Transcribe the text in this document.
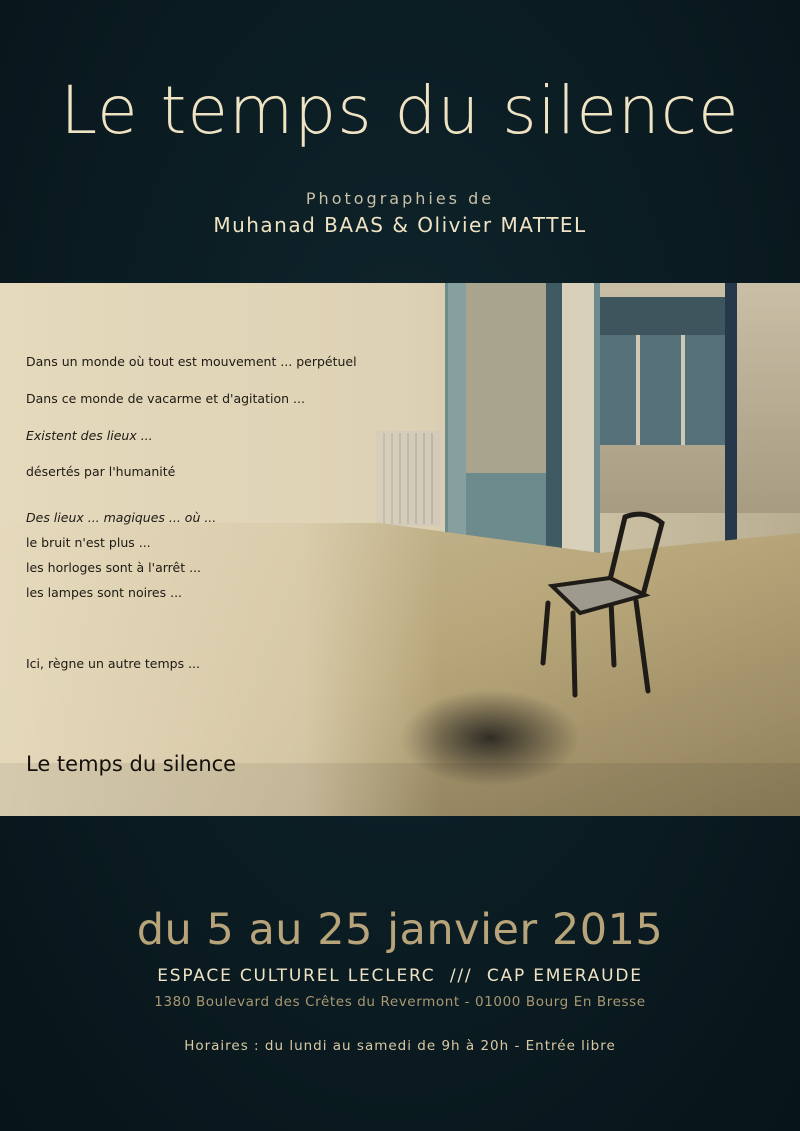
Le temps du silence
Photographies de
Muhanad BAAS & Olivier MATTEL
Dans un monde où tout est mouvement ... perpétuel
Dans ce monde de vacarme et d'agitation ...
Existent des lieux ...
désertés par l'humanité
Des lieux ... magiques ... où ...
le bruit n'est plus ...
les horloges sont à l'arrêt ...
les lampes sont noires ...
Ici, règne un autre temps ...
Le temps du silence
du 5 au 25 janvier 2015
ESPACE CULTUREL LECLERC  ///  CAP EMERAUDE
1380 Boulevard des Crêtes du Revermont - 01000 Bourg En Bresse
Horaires : du lundi au samedi de 9h à 20h - Entrée libre
